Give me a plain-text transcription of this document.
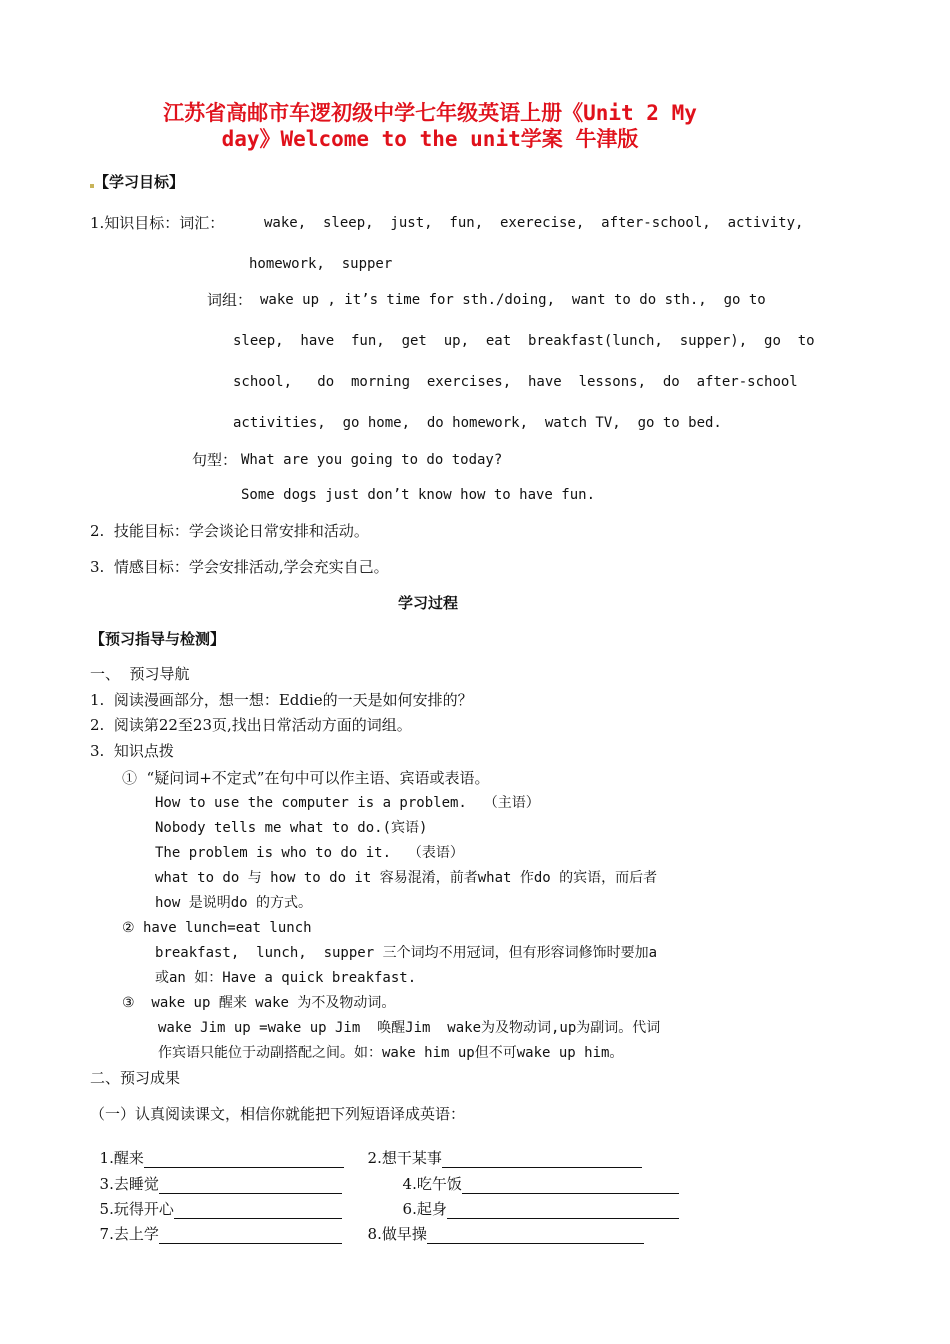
江苏省高邮市车逻初级中学七年级英语上册《Unit 2 My
day》Welcome to the unit学案 牛津版
【学习目标】
1.知识目标：词汇：	wake,  sleep,  just,  fun,  exerecise,  after-school,  activity,
homework,  supper
词组： wake up , it’s time for sth./doing,  want to do sth.,  go to
sleep,  have  fun,  get  up,  eat  breakfast(lunch,  supper),  go  to
school,   do  morning  exercises,  have  lessons,  do  after-school
activities,  go home,  do homework,  watch TV,  go to bed.
句型： What are you going to do today?
Some dogs just don’t know how to have fun.
2.  技能目标：学会谈论日常安排和活动。
3.  情感目标：学会安排活动,学会充实自己。
学习过程
【预习指导与检测】
一、  预习导航
1.  阅读漫画部分，想一想：Eddie的一天是如何安排的？
2.  阅读第22至23页,找出日常活动方面的词组。
3.  知识点拨
①  “疑问词+不定式”在句中可以作主语、宾语或表语。
How to use the computer is a problem.  （主语）
Nobody tells me what to do.(宾语)
The problem is who to do it.  （表语）
what to do 与 how to do it 容易混淆，前者what 作do 的宾语，而后者
how 是说明do 的方式。
② have lunch=eat lunch
breakfast,  lunch,  supper 三个词均不用冠词，但有形容词修饰时要加a
或an 如：Have a quick breakfast.
③  wake up 醒来 wake 为不及物动词。
wake Jim up =wake up Jim  唤醒Jim  wake为及物动词,up为副词。代词
作宾语只能位于动副搭配之间。如：wake him up但不可wake up him。
二、预习成果
（一）认真阅读课文，相信你就能把下列短语译成英语：

1.醒来	2.想干某事

3.去睡觉	4.吃午饭

5.玩得开心	6.起身

7.去上学	8.做早操
